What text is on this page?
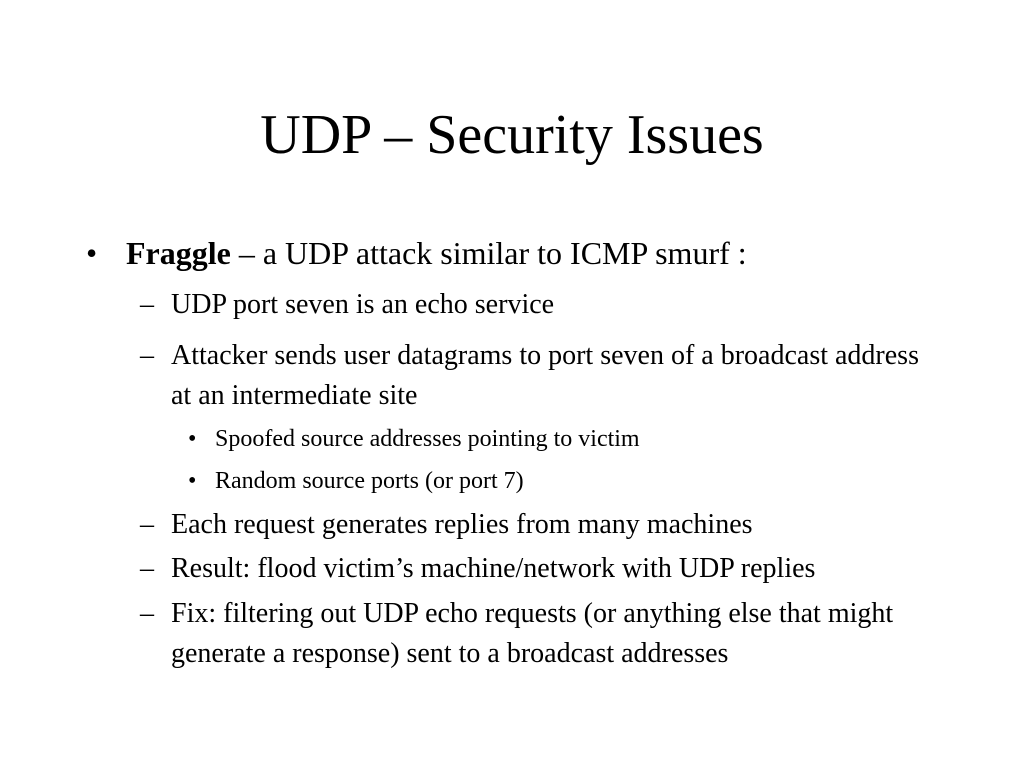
UDP – Security Issues
• Fraggle – a UDP attack similar to ICMP smurf :
– UDP port seven is an echo service
– Attacker sends user datagrams to port seven of a broadcast address at an intermediate site
• Spoofed source addresses pointing to victim
• Random source ports (or port 7)
– Each request generates replies from many machines
– Result: flood victim’s machine/network with UDP replies
– Fix: filtering out UDP echo requests (or anything else that might generate a response) sent to a broadcast addresses
